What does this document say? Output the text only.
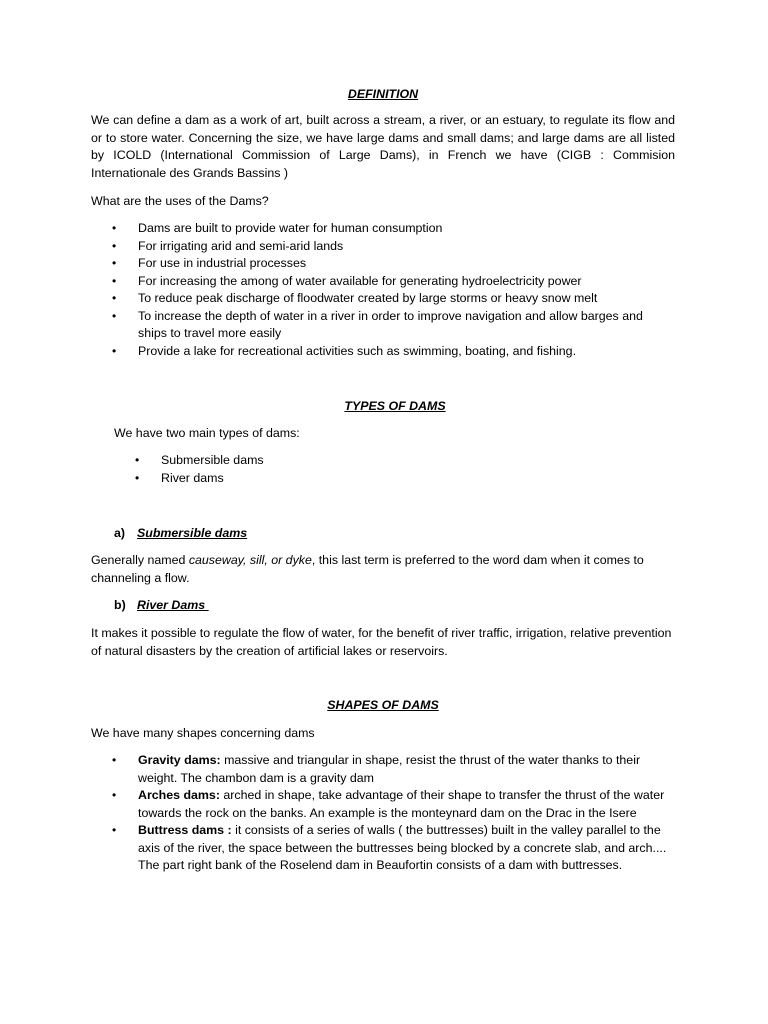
DEFINITION

We can define a dam as a work of art, built across a stream, a river, or an estuary, to regulate its flow and or to store water. Concerning the size, we have large dams and small dams; and large dams are all listed by ICOLD (International Commission of Large Dams), in French we have (CIGB : Commision Internationale des Grands Bassins )

What are the uses of the Dams?

• Dams are built to provide water for human consumption
• For irrigating arid and semi-arid lands
• For use in industrial processes
• For increasing the among of water available for generating hydroelectricity power
• To reduce peak discharge of floodwater created by large storms or heavy snow melt
• To increase the depth of water in a river in order to improve navigation and allow barges and ships to travel more easily
• Provide a lake for recreational activities such as swimming, boating, and fishing.

TYPES OF DAMS

We have two main types of dams:

• Submersible dams
• River dams
a) Submersible dams

Generally named causeway, sill, or dyke, this last term is preferred to the word dam when it comes to channeling a flow.

b) River Dams

It makes it possible to regulate the flow of water, for the benefit of river traffic, irrigation, relative prevention of natural disasters by the creation of artificial lakes or reservoirs.

SHAPES OF DAMS

We have many shapes concerning dams

• Gravity dams: massive and triangular in shape, resist the thrust of the water thanks to their weight. The chambon dam is a gravity dam
• Arches dams: arched in shape, take advantage of their shape to transfer the thrust of the water towards the rock on the banks. An example is the monteynard dam on the Drac in the Isere
• Buttress dams : it consists of a series of walls ( the buttresses) built in the valley parallel to the axis of the river, the space between the buttresses being blocked by a concrete slab, and arch.... The part right bank of the Roselend dam in Beaufortin consists of a dam with buttresses.
